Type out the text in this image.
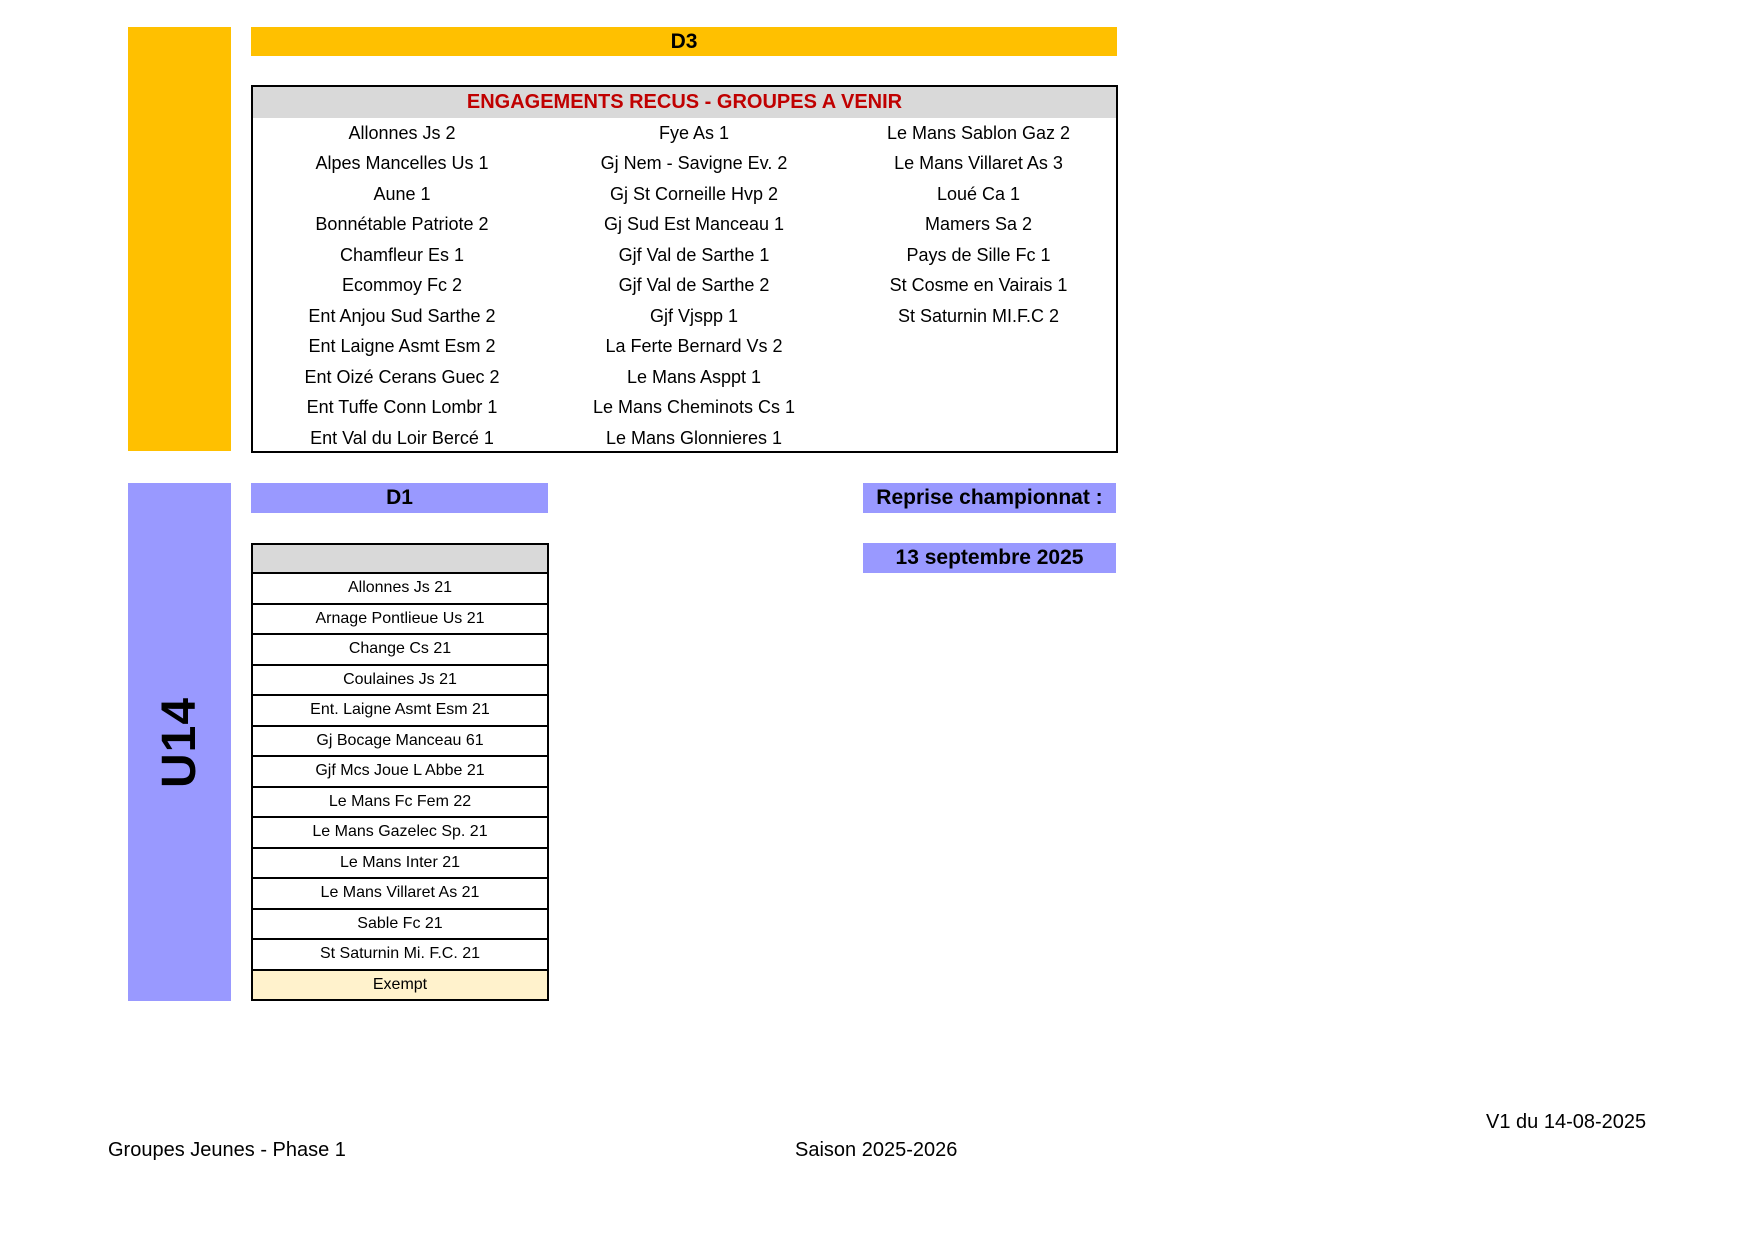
D3
ENGAGEMENTS RECUS - GROUPES A VENIR
Allonnes Js 2	Fye As 1	Le Mans Sablon Gaz 2
Alpes Mancelles Us 1	Gj Nem - Savigne Ev. 2	Le Mans Villaret As 3
Aune 1	Gj St Corneille Hvp 2	Loué Ca 1
Bonnétable Patriote 2	Gj Sud Est Manceau 1	Mamers Sa 2
Chamfleur Es 1	Gjf Val de Sarthe 1	Pays de Sille Fc 1
Ecommoy Fc 2	Gjf Val de Sarthe 2	St Cosme en Vairais 1
Ent Anjou Sud Sarthe 2	Gjf Vjspp 1	St Saturnin MI.F.C 2
Ent Laigne Asmt Esm 2	La Ferte Bernard Vs 2
Ent Oizé Cerans Guec 2	Le Mans Asppt 1
Ent Tuffe Conn Lombr 1	Le Mans Cheminots Cs 1
Ent Val du Loir Bercé 1	Le Mans Glonnieres 1
U14
D1
Allonnes Js 21
Arnage Pontlieue Us 21
Change Cs 21
Coulaines Js 21
Ent. Laigne Asmt Esm 21
Gj Bocage Manceau 61
Gjf Mcs Joue L Abbe 21
Le Mans Fc Fem 22
Le Mans Gazelec Sp. 21
Le Mans Inter 21
Le Mans Villaret As 21
Sable Fc 21
St Saturnin Mi. F.C. 21
Exempt
Reprise championnat :
13 septembre 2025
V1 du 14-08-2025
Groupes Jeunes - Phase 1	Saison 2025-2026
